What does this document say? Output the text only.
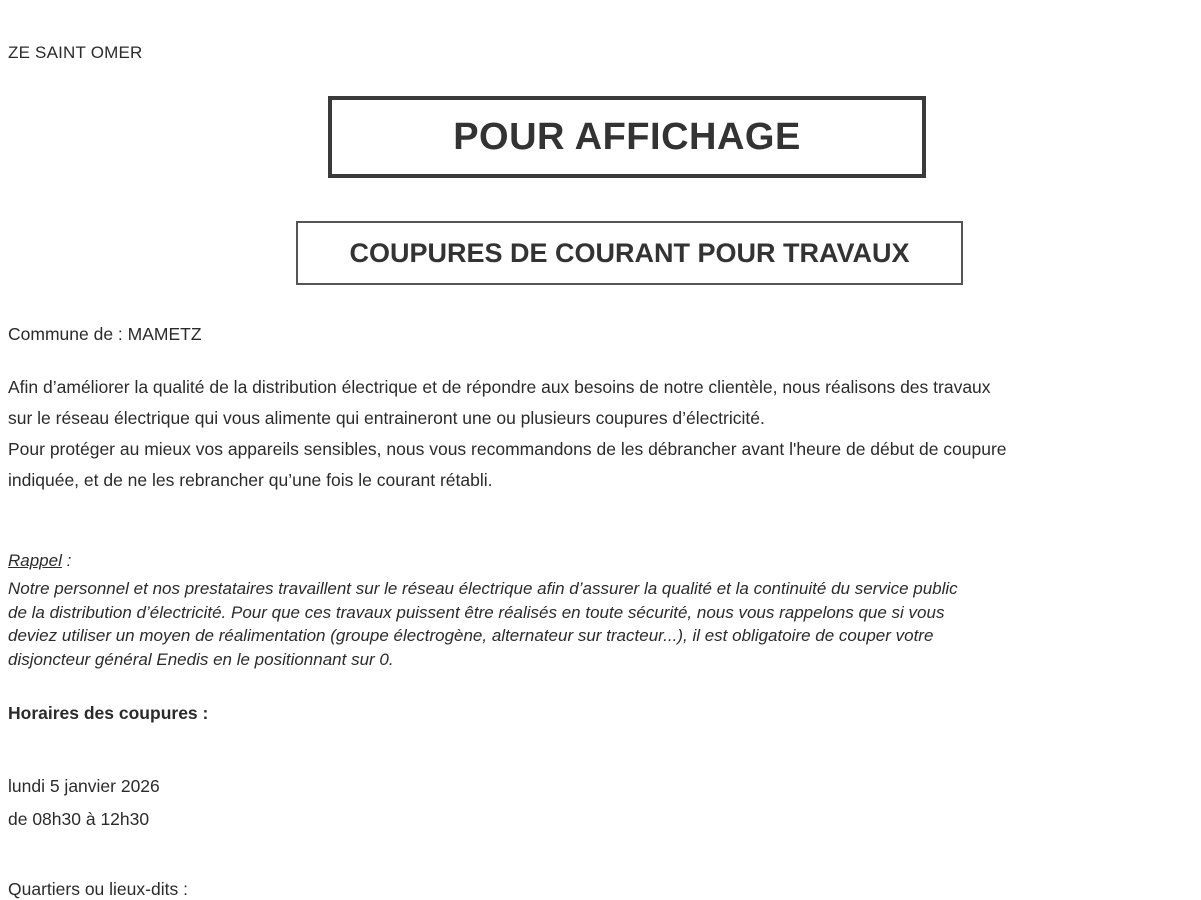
ZE SAINT OMER
POUR AFFICHAGE
COUPURES DE COURANT POUR TRAVAUX
Commune de : MAMETZ
Afin d’améliorer la qualité de la distribution électrique et de répondre aux besoins de notre clientèle, nous réalisons des travaux
sur le réseau électrique qui vous alimente qui entraineront une ou plusieurs coupures d’électricité.
Pour protéger au mieux vos appareils sensibles, nous vous recommandons de les débrancher avant l'heure de début de coupure
indiquée, et de ne les rebrancher qu’une fois le courant rétabli.
Rappel :
Notre personnel et nos prestataires travaillent sur le réseau électrique afin d’assurer la qualité et la continuité du service public
de la distribution d’électricité. Pour que ces travaux puissent être réalisés en toute sécurité, nous vous rappelons que si vous
deviez utiliser un moyen de réalimentation (groupe électrogène, alternateur sur tracteur...), il est obligatoire de couper votre
disjoncteur général Enedis en le positionnant sur 0.
Horaires des coupures :
lundi 5 janvier 2026
de 08h30 à 12h30
Quartiers ou lieux-dits :
